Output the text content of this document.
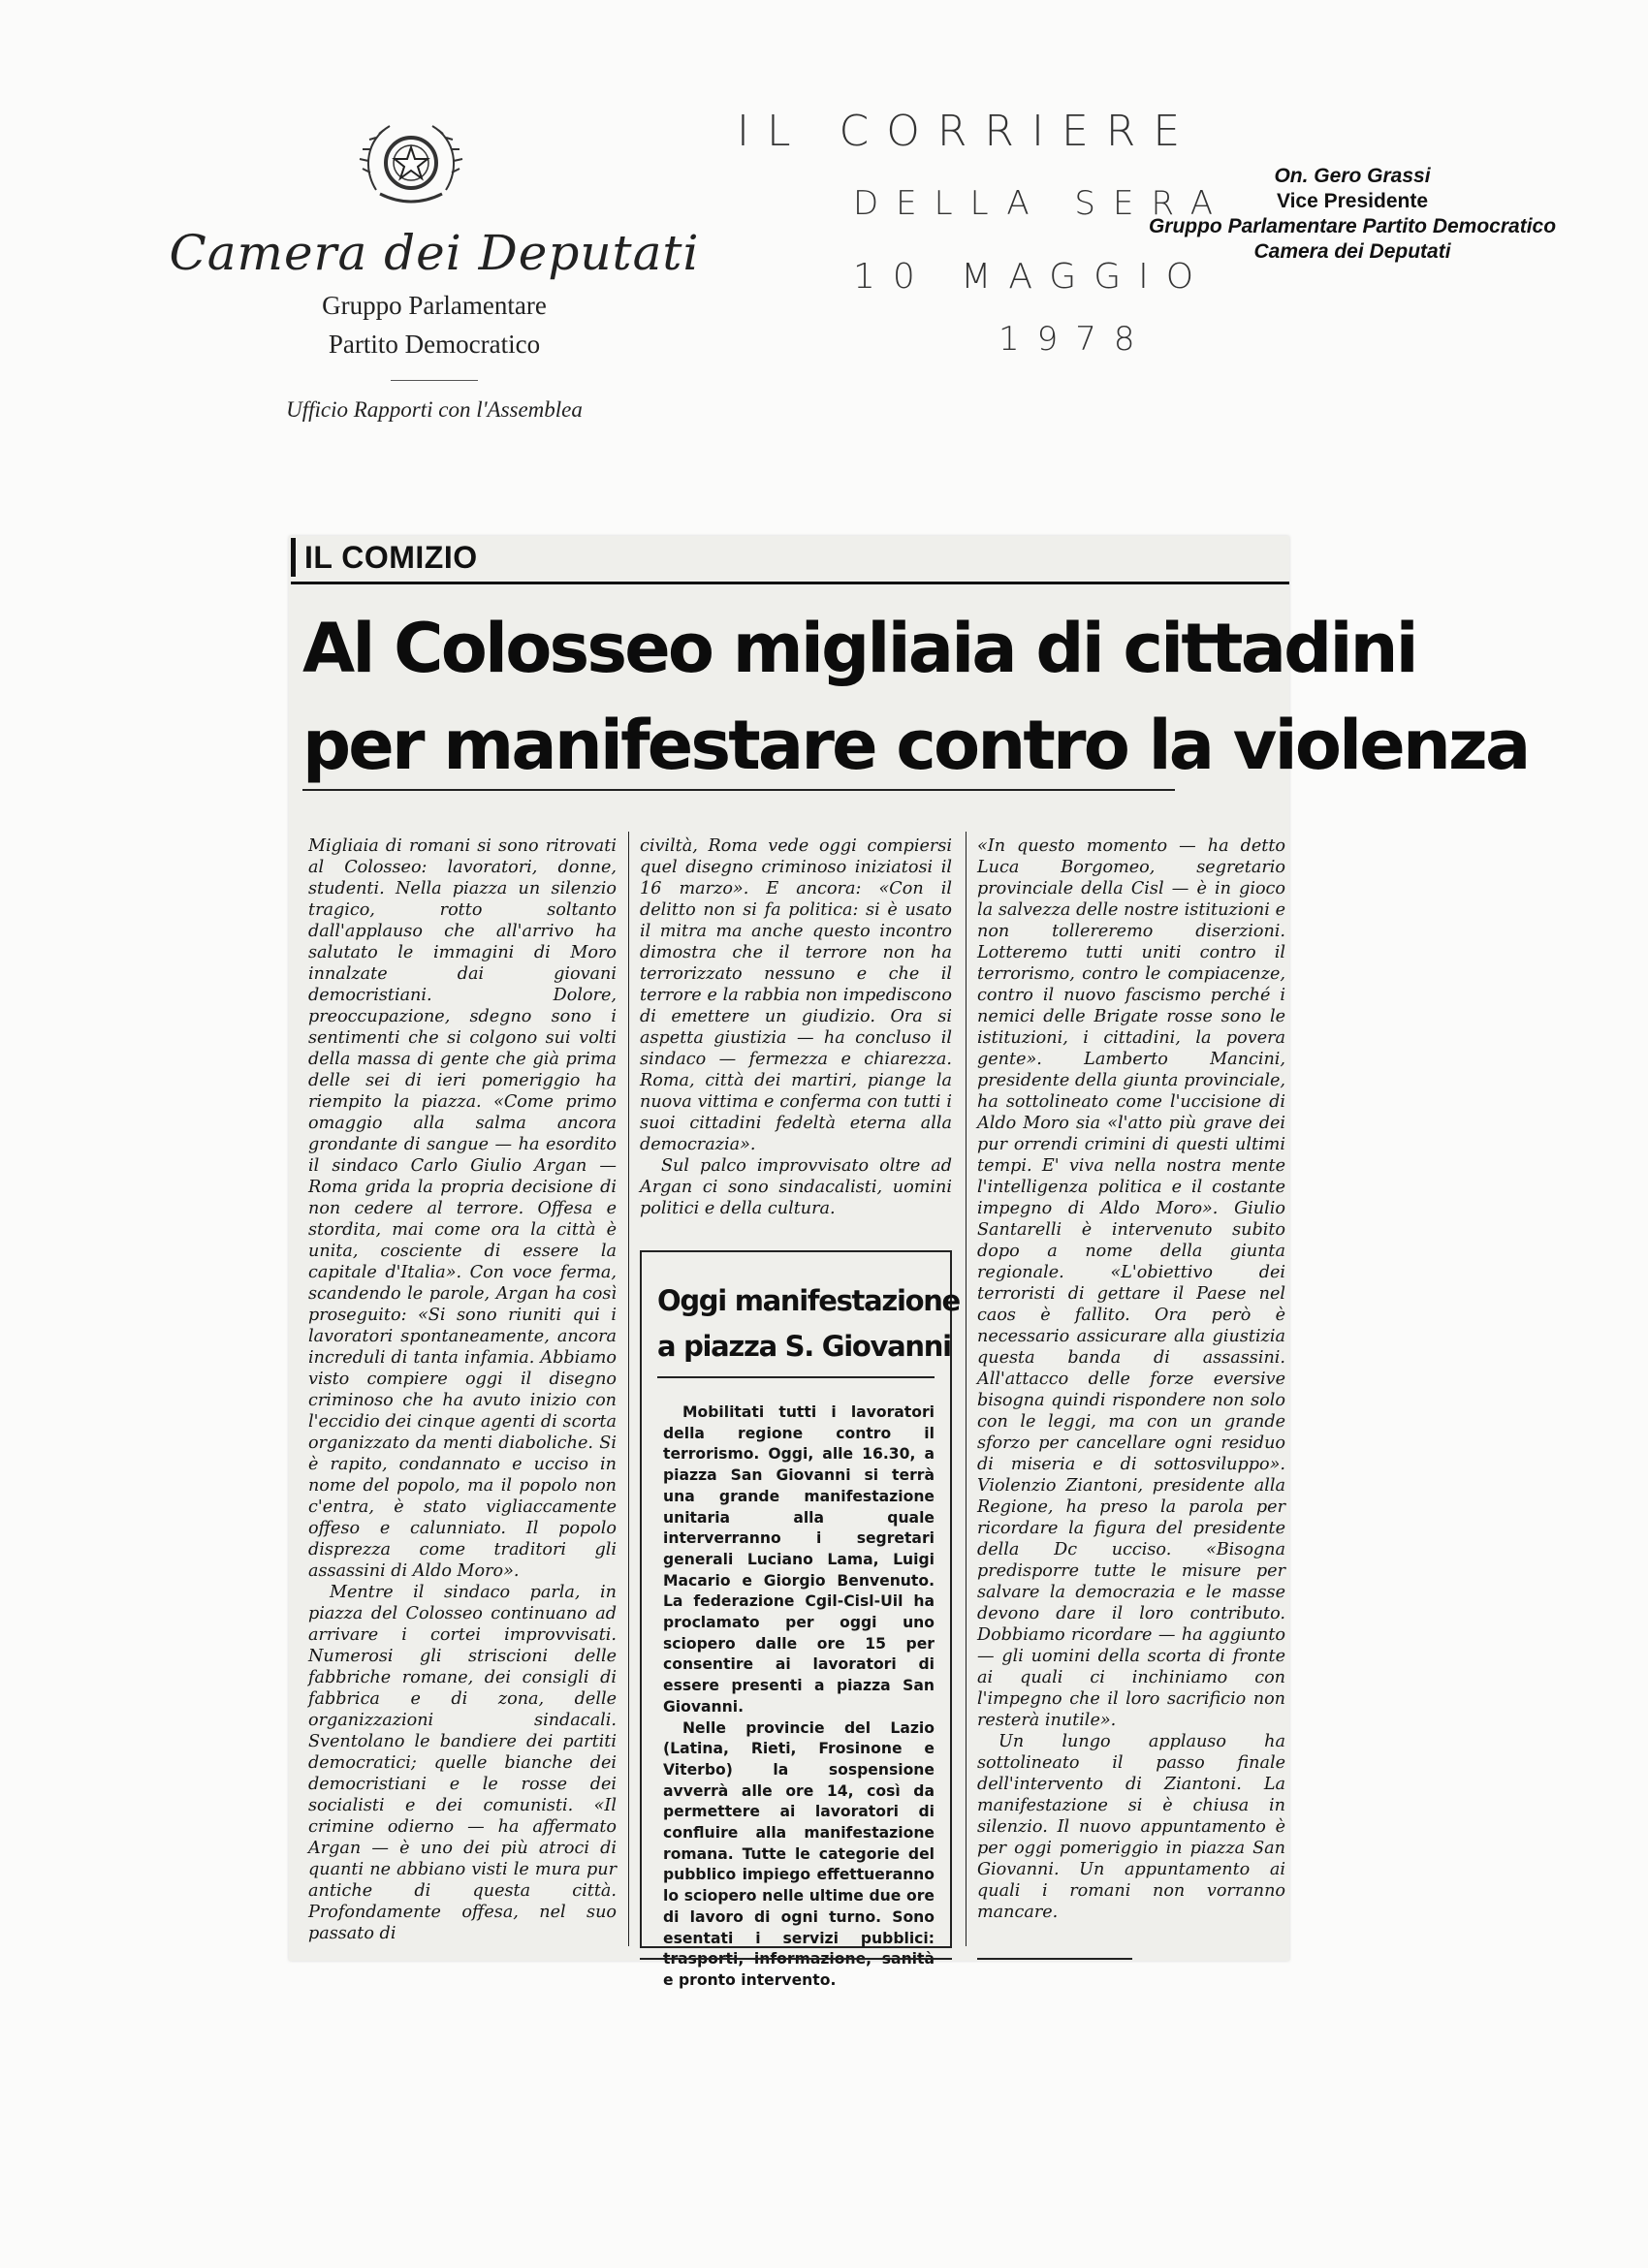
Camera dei Deputati
Gruppo Parlamentare
Partito Democratico
Ufficio Rapporti con l'Assemblea
IL CORRIERE
DELLA SERA
10 MAGGIO
1978
On. Gero Grassi
Vice Presidente
Gruppo Parlamentare Partito Democratico
Camera dei Deputati
IL COMIZIO
Al Colosseo migliaia di cittadini
per manifestare contro la violenza

Migliaia di romani si sono ritrovati al Colosseo: lavoratori, donne, studenti. Nella piazza un silenzio tragico, rotto soltanto dall'applauso che all'arrivo ha salutato le immagini di Moro innalzate dai giovani democristiani. Dolore, preoccupazione, sdegno sono i sentimenti che si colgono sui volti della massa di gente che già prima delle sei di ieri pomeriggio ha riempito la piazza. «Come primo omaggio alla salma ancora grondante di sangue — ha esordito il sindaco Carlo Giulio Argan — Roma grida la propria decisione di non cedere al terrore. Offesa e stordita, mai come ora la città è unita, cosciente di essere la capitale d'Italia». Con voce ferma, scandendo le parole, Argan ha così proseguito: «Si sono riuniti qui i lavoratori spontaneamente, ancora increduli di tanta infamia. Abbiamo visto compiere oggi il disegno criminoso che ha avuto inizio con l'eccidio dei cinque agenti di scorta organizzato da menti diaboliche. Si è rapito, condannato e ucciso in nome del popolo, ma il popolo non c'entra, è stato vigliaccamente offeso e calunniato. Il popolo disprezza come traditori gli assassini di Aldo Moro».

Mentre il sindaco parla, in piazza del Colosseo continuano ad arrivare i cortei improvvisati. Numerosi gli striscioni delle fabbriche romane, dei consigli di fabbrica e di zona, delle organizzazioni sindacali. Sventolano le bandiere dei partiti democratici; quelle bianche dei democristiani e le rosse dei socialisti e dei comunisti. «Il crimine odierno — ha affermato Argan — è uno dei più atroci di quanti ne abbiano visti le mura pur antiche di questa città. Profondamente offesa, nel suo passato di

civiltà, Roma vede oggi compiersi quel disegno criminoso iniziatosi il 16 marzo». E ancora: «Con il delitto non si fa politica: si è usato il mitra ma anche questo incontro dimostra che il terrore non ha terrorizzato nessuno e che il terrore e la rabbia non impediscono di emettere un giudizio. Ora si aspetta giustizia — ha concluso il sindaco — fermezza e chiarezza. Roma, città dei martiri, piange la nuova vittima e conferma con tutti i suoi cittadini fedeltà eterna alla democrazia».

Sul palco improvvisato oltre ad Argan ci sono sindacalisti, uomini politici e della cultura.

Oggi manifestazione
a piazza S. Giovanni

Mobilitati tutti i lavoratori della regione contro il terrorismo. Oggi, alle 16.30, a piazza San Giovanni si terrà una grande manifestazione unitaria alla quale interverranno i segretari generali Luciano Lama, Luigi Macario e Giorgio Benvenuto. La federazione Cgil-Cisl-Uil ha proclamato per oggi uno sciopero dalle ore 15 per consentire ai lavoratori di essere presenti a piazza San Giovanni.

Nelle provincie del Lazio (Latina, Rieti, Frosinone e Viterbo) la sospensione avverrà alle ore 14, così da permettere ai lavoratori di confluire alla manifestazione romana. Tutte le categorie del pubblico impiego effettueranno lo sciopero nelle ultime due ore di lavoro di ogni turno. Sono esentati i servizi pubblici: trasporti, informazione, sanità e pronto intervento.

«In questo momento — ha detto Luca Borgomeo, segretario provinciale della Cisl — è in gioco la salvezza delle nostre istituzioni e non tollereremo diserzioni. Lotteremo tutti uniti contro il terrorismo, contro le compiacenze, contro il nuovo fascismo perché i nemici delle Brigate rosse sono le istituzioni, i cittadini, la povera gente». Lamberto Mancini, presidente della giunta provinciale, ha sottolineato come l'uccisione di Aldo Moro sia «l'atto più grave dei pur orrendi crimini di questi ultimi tempi. E' viva nella nostra mente l'intelligenza politica e il costante impegno di Aldo Moro». Giulio Santarelli è intervenuto subito dopo a nome della giunta regionale. «L'obiettivo dei terroristi di gettare il Paese nel caos è fallito. Ora però è necessario assicurare alla giustizia questa banda di assassini. All'attacco delle forze eversive bisogna quindi rispondere non solo con le leggi, ma con un grande sforzo per cancellare ogni residuo di miseria e di sottosviluppo». Violenzio Ziantoni, presidente alla Regione, ha preso la parola per ricordare la figura del presidente della Dc ucciso. «Bisogna predisporre tutte le misure per salvare la democrazia e le masse devono dare il loro contributo. Dobbiamo ricordare — ha aggiunto — gli uomini della scorta di fronte ai quali ci inchiniamo con l'impegno che il loro sacrificio non resterà inutile».

Un lungo applauso ha sottolineato il passo finale dell'intervento di Ziantoni. La manifestazione si è chiusa in silenzio. Il nuovo appuntamento è per oggi pomeriggio in piazza San Giovanni. Un appuntamento ai quali i romani non vorranno mancare.
